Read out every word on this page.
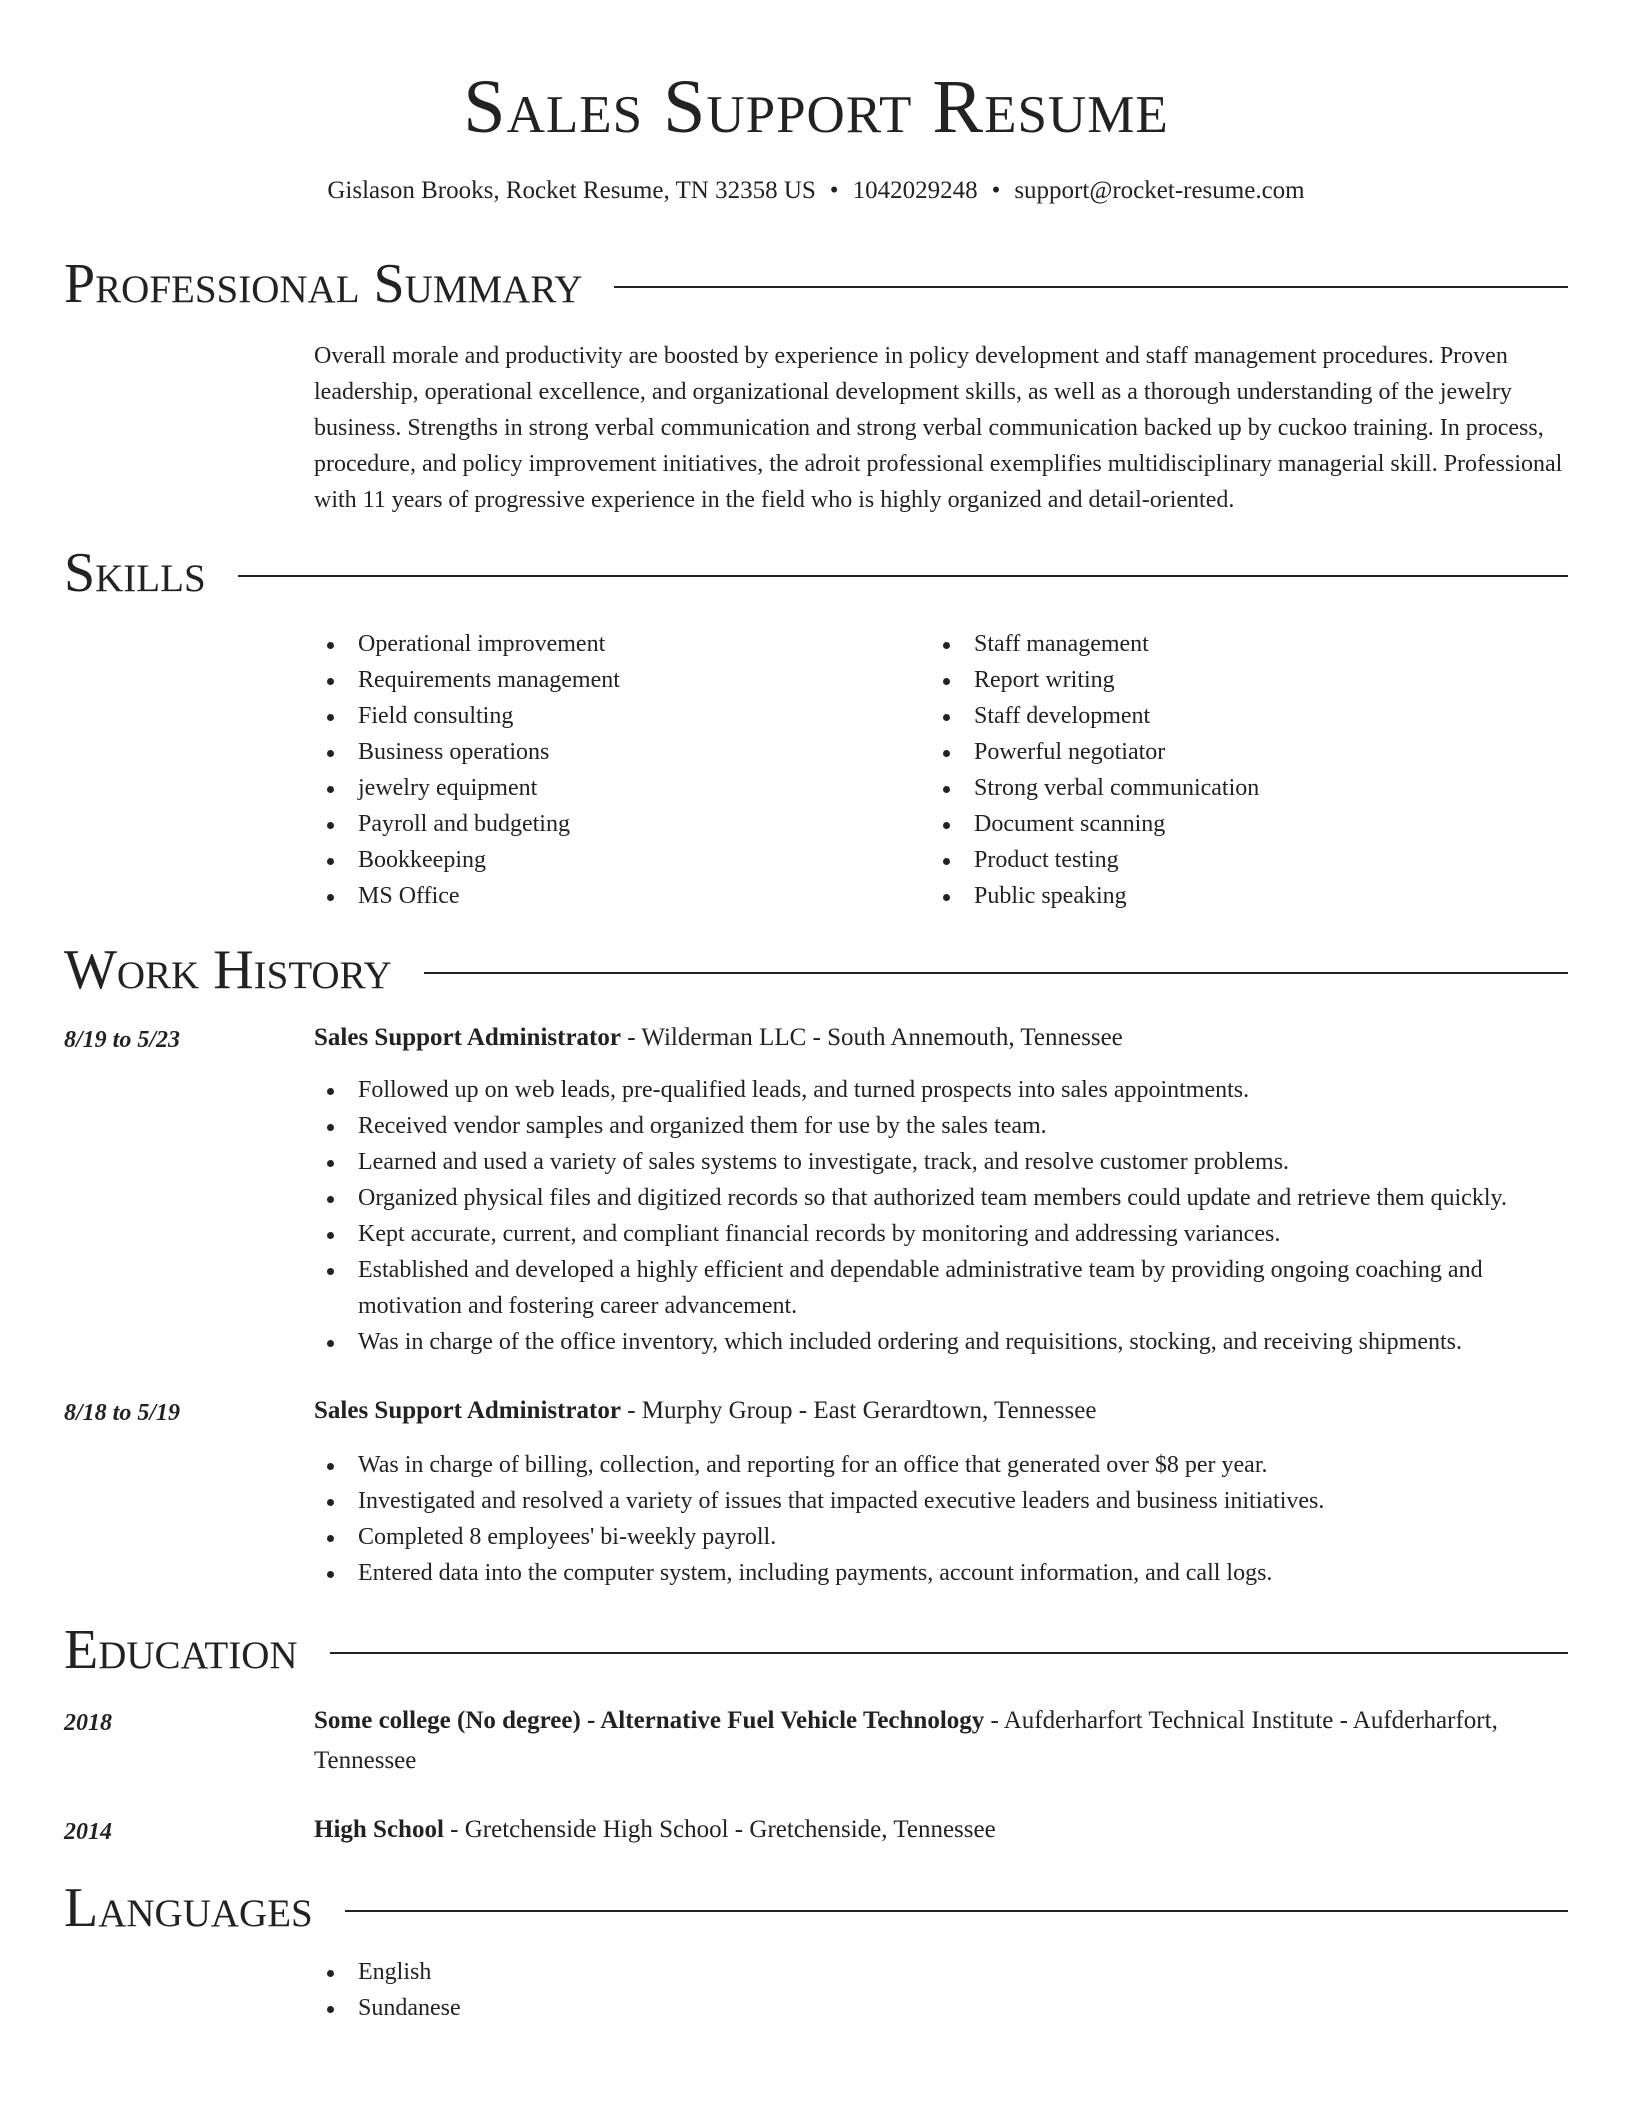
Sales Support Resume
Gislason Brooks, Rocket Resume, TN 32358 US • 1042029248 • support@rocket-resume.com
Professional Summary
Overall morale and productivity are boosted by experience in policy development and staff management procedures. Proven leadership, operational excellence, and organizational development skills, as well as a thorough understanding of the jewelry business. Strengths in strong verbal communication and strong verbal communication backed up by cuckoo training. In process, procedure, and policy improvement initiatives, the adroit professional exemplifies multidisciplinary managerial skill. Professional with 11 years of progressive experience in the field who is highly organized and detail-oriented.
Skills
Operational improvement
Requirements management
Field consulting
Business operations
jewelry equipment
Payroll and budgeting
Bookkeeping
MS Office
Staff management
Report writing
Staff development
Powerful negotiator
Strong verbal communication
Document scanning
Product testing
Public speaking
Work History
8/19 to 5/23	Sales Support Administrator - Wilderman LLC - South Annemouth, Tennessee
Followed up on web leads, pre-qualified leads, and turned prospects into sales appointments.
Received vendor samples and organized them for use by the sales team.
Learned and used a variety of sales systems to investigate, track, and resolve customer problems.
Organized physical files and digitized records so that authorized team members could update and retrieve them quickly.
Kept accurate, current, and compliant financial records by monitoring and addressing variances.
Established and developed a highly efficient and dependable administrative team by providing ongoing coaching and motivation and fostering career advancement.
Was in charge of the office inventory, which included ordering and requisitions, stocking, and receiving shipments.
8/18 to 5/19	Sales Support Administrator - Murphy Group - East Gerardtown, Tennessee
Was in charge of billing, collection, and reporting for an office that generated over $8 per year.
Investigated and resolved a variety of issues that impacted executive leaders and business initiatives.
Completed 8 employees' bi-weekly payroll.
Entered data into the computer system, including payments, account information, and call logs.
Education
2018	Some college (No degree) - Alternative Fuel Vehicle Technology - Aufderharfort Technical Institute - Aufderharfort, Tennessee
2014	High School - Gretchenside High School - Gretchenside, Tennessee
Languages
English
Sundanese
